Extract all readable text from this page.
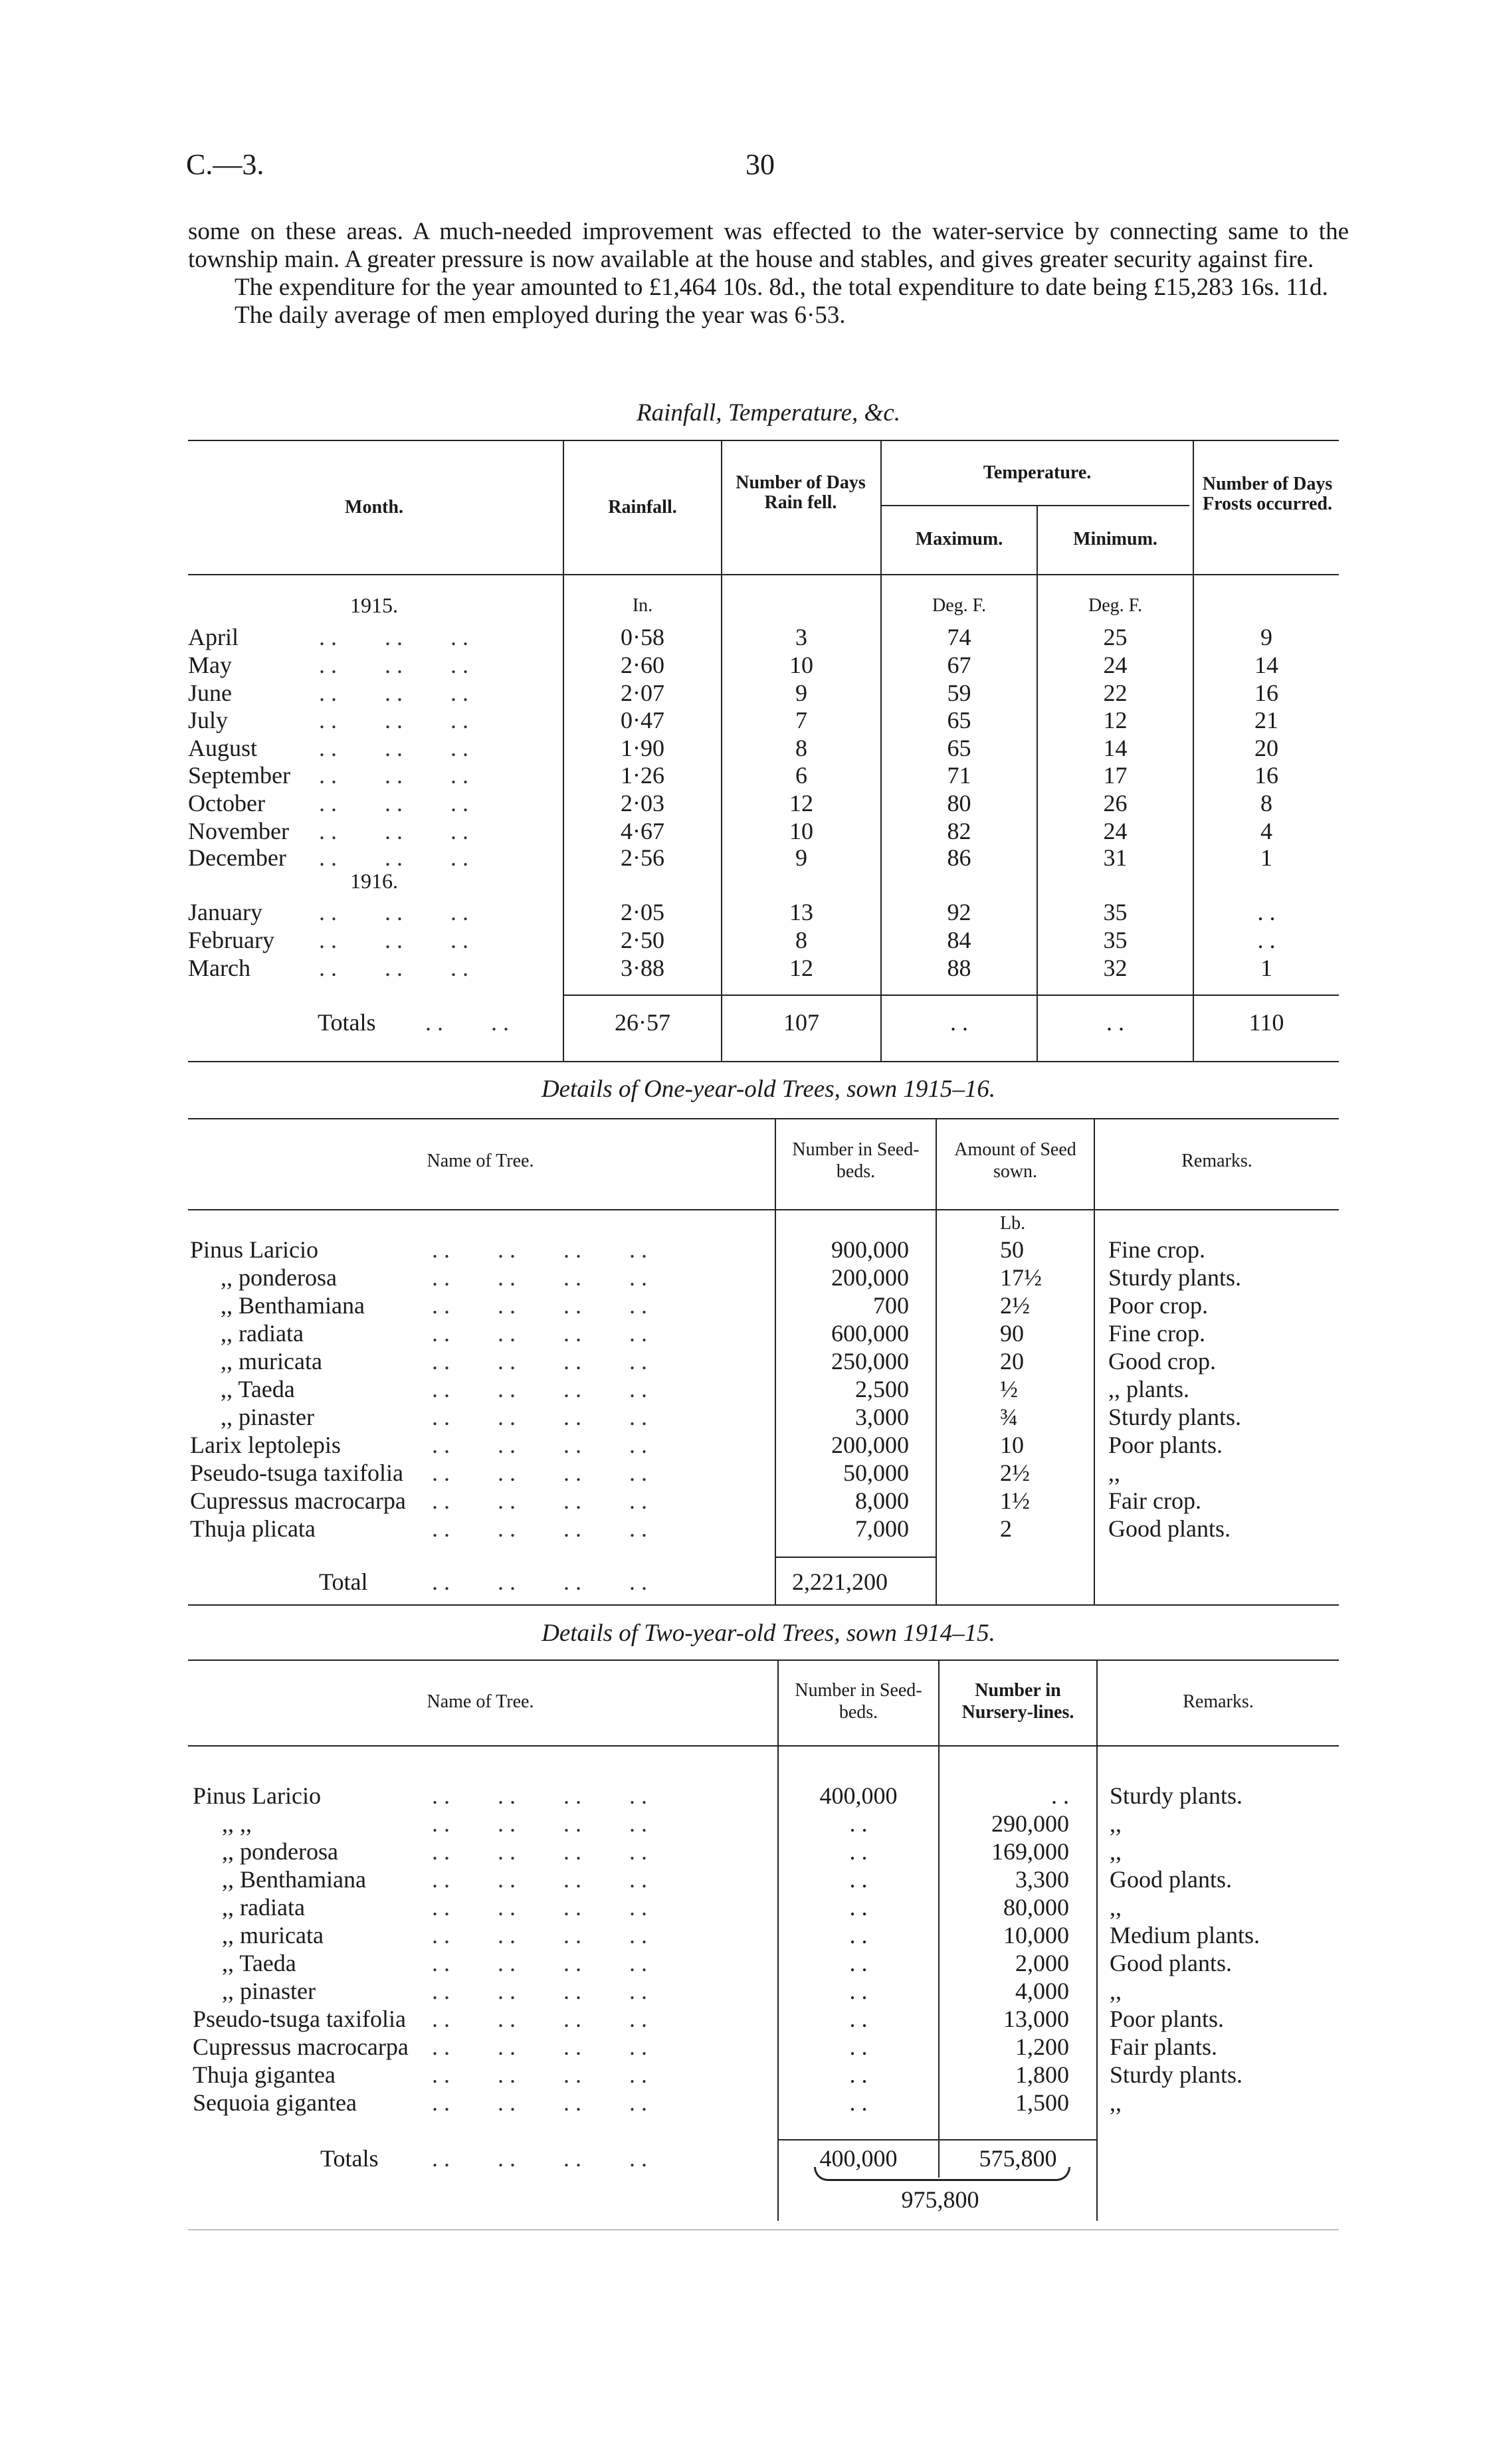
C.—3.	30

some on these areas. A much-needed improvement was effected to the water-service by connecting same to the township main. A greater pressure is now available at the house and stables, and gives greater security against fire.

The expenditure for the year amounted to £1,464 10s. 8d., the total expenditure to date being £15,283 16s. 11d.

The daily average of men employed during the year was 6·53.

Rainfall, Temperature, &c.
Month.	Rainfall.
Number of Days Rain fell.
Temperature.
Maximum.	Minimum.
Number of Days Frosts occurred.
1915.	In.	Deg. F.	Deg. F.
1916.
April	. .        . .        . .	0·58	3	74	25	9
May	. .        . .        . .	2·60	10	67	24	14
June	. .        . .        . .	2·07	9	59	22	16
July	. .        . .        . .	0·47	7	65	12	21
August	. .        . .        . .	1·90	8	65	14	20
September . .        . .        . .	1·26	6	71	17	16
October . .        . .        . .	2·03	12	80	26	8
November . .        . .        . .	4·67	10	82	24	4
December . .        . .        . .	2·56	9	86	31	1
January . .        . .        . .	2·05	13	92	35	. .
February . .        . .        . .	2·50	8	84	35	. .
March	. .        . .        . .	3·88	12	88	32	1
Totals . .        . .	26·57	107	. .	. .	110
Details of One-year-old Trees, sown 1915–16.
Name of Tree.
Number in Seed-beds.
Amount of Seed sown.
Remarks.
Lb.
Pinus Laricio	. .        . .        . .        . .	900,000	50	Fine crop.
,, ponderosa	. .        . .        . .        . .	200,000	17½	Sturdy plants.
,, Benthamiana	. .        . .        . .        . .	700	2½	Poor crop.
,, radiata	. .        . .        . .        . .	600,000	90	Fine crop.
,, muricata	. .        . .        . .        . .	250,000	20	Good crop.
,, Taeda	. .        . .        . .        . .	2,500	½	,, plants.
,, pinaster	. .        . .        . .        . .	3,000	¾	Sturdy plants.
Larix leptolepis	. .        . .        . .        . .	200,000	10	Poor plants.
Pseudo-tsuga taxifolia . .        . .        . .        . .	50,000	2½	,,
Cupressus macrocarpa . .        . .        . .        . .	8,000	1½	Fair crop.
Thuja plicata	. .        . .        . .        . .	7,000	2	Good plants.
Total	. .        . .        . .        . .	2,221,200
Details of Two-year-old Trees, sown 1914–15.
Name of Tree.
Number in Seed-beds.
Number in Nursery-lines.
Remarks.
Pinus Laricio	. .        . .        . .        . .	400,000	. . Sturdy plants.
,, ,,	. .        . .        . .        . .	. .	290,000 ,,
,, ponderosa	. .        . .        . .        . .	. .	169,000 ,,
,, Benthamiana	. .        . .        . .        . .	. .	3,300 Good plants.
,, radiata	. .        . .        . .        . .	. .	80,000 ,,
,, muricata	. .        . .        . .        . .	. .	10,000 Medium plants.
,, Taeda	. .        . .        . .        . .	. .	2,000 Good plants.
,, pinaster	. .        . .        . .        . .	. .	4,000 ,,
Pseudo-tsuga taxifolia . .        . .        . .        . .	. .	13,000 Poor plants.
Cupressus macrocarpa . .        . .        . .        . .	. .	1,200 Fair plants.
Thuja gigantea	. .        . .        . .        . .	. .	1,800 Sturdy plants.
Sequoia gigantea	. .        . .        . .        . .	. .	1,500 ,,
Totals . .        . .        . .        . .	400,000	575,800
975,800
